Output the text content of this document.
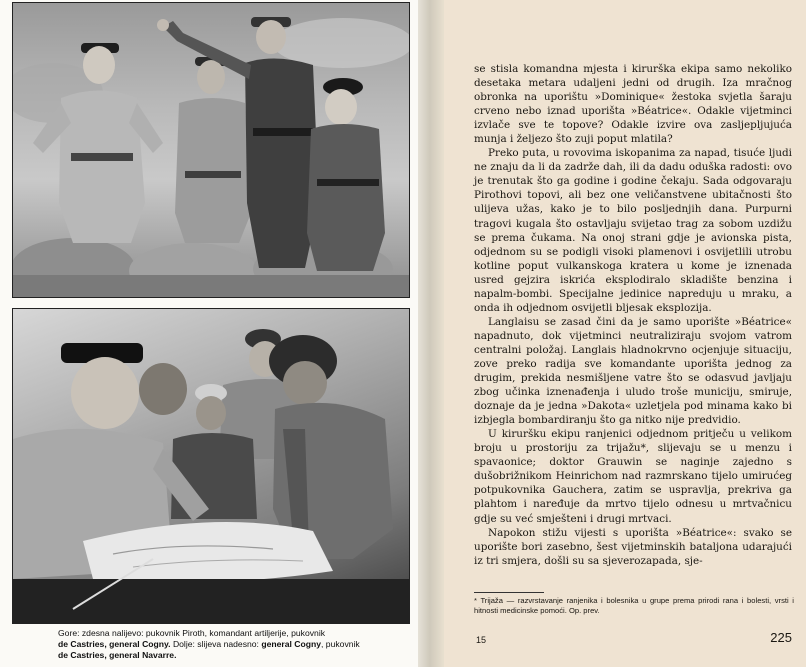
Gore: zdesna nalijevo: pukovnik Piroth, komandant artiljerije, pukovnik
de Castries, general Cogny. Dolje: slijeva nadesno: general Cogny, pukovnik
de Castries, general Navarre.

se stisla komandna mjesta i kirurška ekipa samo nekoliko desetaka metara udaljeni jedni od drugih. Iza mračnog obronka na uporištu »Dominique« žestoka svjetla šaraju crveno nebo iznad uporišta »Béatrice«. Odakle vijetminci izvlače sve te topove? Odakle izvire ova zasljepljujuća munja i željezo što zuji poput mlatila?

Preko puta, u rovovima iskopanima za napad, tisuće ljudi ne znaju da li da zadrže dah, ili da dadu oduška radosti: ovo je trenutak što ga godine i godine čekaju. Sada odgovaraju Pirothovi topovi, ali bez one veličanstvene ubitačnosti što ulijeva užas, kako je to bilo posljednjih dana. Purpurni tragovi kugala što ostavljaju svijetao trag za sobom uzdižu se prema čukama. Na onoj strani gdje je avionska pista, odjednom su se podigli visoki plamenovi i osvijetlili utrobu kotline poput vulkanskoga kratera u kome je iznenada usred gejzira iskrića eksplodiralo skladište benzina i napalm-bombi. Specijalne jedinice napreduju u mraku, a onda ih odjednom osvijetli bljesak eksplozija.

Langlaisu se zasad čini da je samo uporište »Béatrice« napadnuto, dok vijetminci neutraliziraju svojom vatrom centralni položaj. Langlais hladnokrvno ocjenjuje situaciju, zove preko radija sve komandante uporišta jednog za drugim, prekida nesmišljene vatre što se odasvud javljaju zbog učinka iznenađenja i uludo troše municiju, smiruje, doznaje da je jedna »Dakota« uzletjela pod minama kako bi izbjegla bombardiranju što ga nitko nije predvidio.

U kiruršku ekipu ranjenici odjednom pritječu u velikom broju u prostoriju za trijažu*, slijevaju se u menzu i spavaonice; doktor Grauwin se naginje zajedno s dušobrižnikom Heinrichom nad razmrskano tijelo umirućeg potpukovnika Gauchera, zatim se uspravlja, prekriva ga plahtom i naređuje da mrtvo tijelo odnesu u mrtvačnicu gdje su već smješteni i drugi mrtvaci.

Napokon stižu vijesti s uporišta »Béatrice«: svako se uporište bori zasebno, šest vijetminskih bataljona udarajući iz tri smjera, došli su sa sjeverozapada, sje-

* Trijaža — razvrstavanje ranjenika i bolesnika u grupe prema prirodi rana i bolesti, vrsti i hitnosti medicinske pomoći. Op. prev.
15	225
